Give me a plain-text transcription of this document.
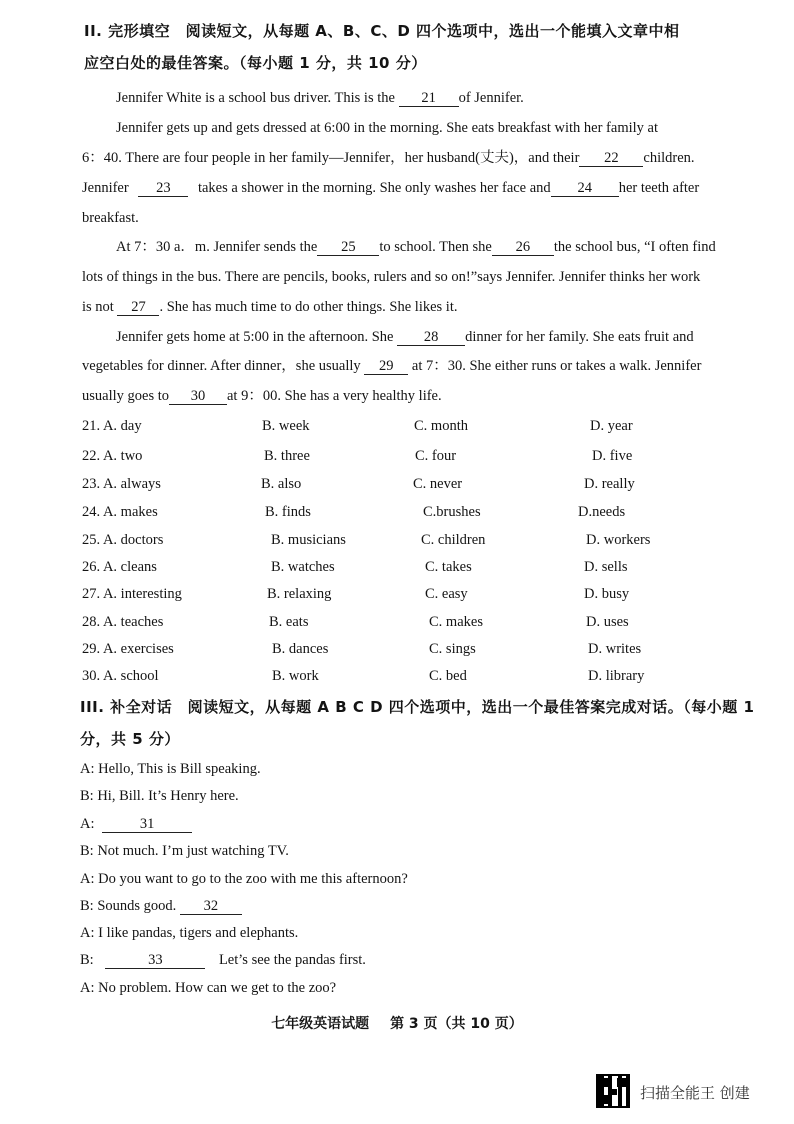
II. 完形填空　阅读短文，从每题 A、B、C、D 四个选项中，选出一个能填入文章中相
应空白处的最佳答案。（每小题 1 分，共 10 分）
Jennifer White is a school bus driver. This is the 21 of Jennifer.
Jennifer gets up and gets dressed at 6:00 in the morning. She eats breakfast with her family at
6：40. There are four people in her family—Jennifer，her husband(丈夫)，and their 22 children.
Jennifer 23 takes a shower in the morning. She only washes her face and 24 her teeth after
breakfast.
At 7：30 a．m. Jennifer sends the 25 to school. Then she 26 the school bus, “I often find
lots of things in the bus. There are pencils, books, rulers and so on!”says Jennifer. Jennifer thinks her work
is not 27 . She has much time to do other things. She likes it.
Jennifer gets home at 5:00 in the afternoon. She 28 dinner for her family. She eats fruit and
vegetables for dinner. After dinner，she usually 29 at 7：30. She either runs or takes a walk. Jennifer
usually goes to 30 at 9：00. She has a very healthy life.
21. A. day	B. week	C. month	D. year
22. A. two	B. three	C. four	D. five
23. A. always	B. also	C. never	D. really
24. A. makes	B. finds	C.brushes	D.needs
25. A. doctors	B. musicians	C. children	D. workers
26. A. cleans	B. watches	C. takes	D. sells
27. A. interesting	B. relaxing	C. easy	D. busy
28. A. teaches	B. eats	C. makes	D. uses
29. A. exercises	B. dances	C. sings	D. writes
30. A. school	B. work	C. bed	D. library
III. 补全对话　阅读短文，从每题 A B C D 四个选项中，选出一个最佳答案完成对话。（每小题 1
分，共 5 分）
A: Hello, This is Bill speaking.
B: Hi, Bill. It’s Henry here.
A:	31
B: Not much. I’m just watching TV.
A: Do you want to go to the zoo with me this afternoon?
B: Sounds good. 32
A: I like pandas, tigers and elephants.
B:	33	Let’s see the pandas first.
A: No problem. How can we get to the zoo?
七年级英语试题 第 3 页（共 10 页）
扫描全能王 创建
